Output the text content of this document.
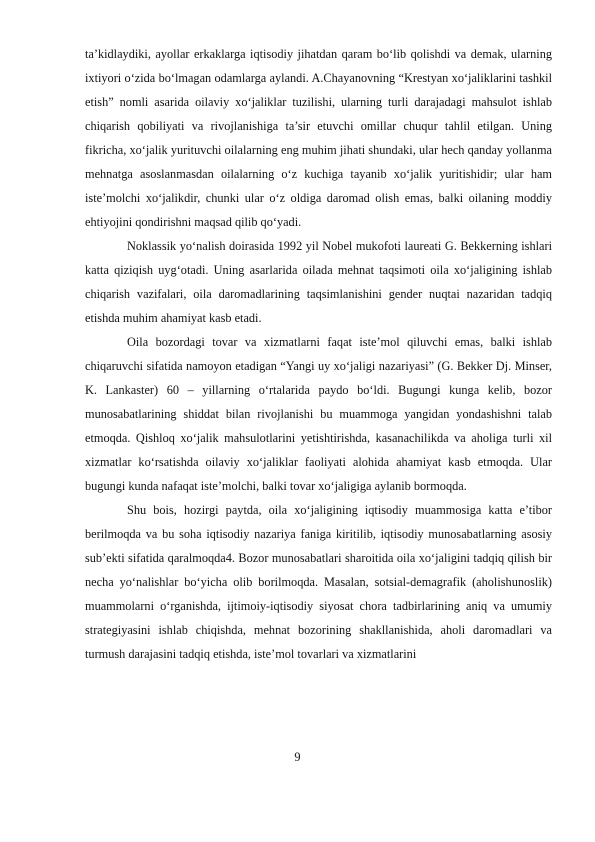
ta’kidlaydiki, ayollar erkaklarga iqtisodiy jihatdan qaram bo‘lib qolishdi va demak, ularning ixtiyori o‘zida bo‘lmagan odamlarga aylandi. A.Chayanovning “Krestyan xo‘jaliklarini tashkil etish” nomli asarida oilaviy xo‘jaliklar tuzilishi, ularning turli darajadagi mahsulot ishlab chiqarish qobiliyati va rivojlanishiga ta’sir etuvchi omillar chuqur tahlil etilgan. Uning fikricha, xo‘jalik yurituvchi oilalarning eng muhim jihati shundaki, ular hech qanday yollanma mehnatga asoslanmasdan oilalarning o‘z kuchiga tayanib xo‘jalik yuritishidir; ular ham iste’molchi xo‘jalikdir, chunki ular o‘z oldiga daromad olish emas, balki oilaning moddiy ehtiyojini qondirishni maqsad qilib qo‘yadi.

Noklassik yo‘nalish doirasida 1992 yil Nobel mukofoti laureati G. Bekkerning ishlari katta qiziqish uyg‘otadi. Uning asarlarida oilada mehnat taqsimoti oila xo‘jaligining ishlab chiqarish vazifalari, oila daromadlarining taqsimlanishini gender nuqtai nazaridan tadqiq etishda muhim ahamiyat kasb etadi.

Oila bozordagi tovar va xizmatlarni faqat iste’mol qiluvchi emas, balki ishlab chiqaruvchi sifatida namoyon etadigan “Yangi uy xo‘jaligi nazariyasi” (G. Bekker Dj. Minser, K. Lankaster) 60 – yillarning o‘rtalarida paydo bo‘ldi. Bugungi kunga kelib, bozor munosabatlarining shiddat bilan rivojlanishi bu muammoga yangidan yondashishni talab etmoqda. Qishloq xo‘jalik mahsulotlarini yetishtirishda, kasanachilikda va aholiga turli xil xizmatlar ko‘rsatishda oilaviy xo‘jaliklar faoliyati alohida ahamiyat kasb etmoqda. Ular bugungi kunda nafaqat iste’molchi, balki tovar xo‘jaligiga aylanib bormoqda.

Shu bois, hozirgi paytda, oila xo‘jaligining iqtisodiy muammosiga katta e’tibor berilmoqda va bu soha iqtisodiy nazariya faniga kiritilib, iqtisodiy munosabatlarning asosiy sub’ekti sifatida qaralmoqda4. Bozor munosabatlari sharoitida oila xo‘jaligini tadqiq qilish bir necha yo‘nalishlar bo‘yicha olib borilmoqda. Masalan, sotsial-demagrafik (aholishunoslik) muammolarni o‘rganishda, ijtimoiy-iqtisodiy siyosat chora tadbirlarining aniq va umumiy strategiyasini ishlab chiqishda, mehnat bozorining shakllanishida, aholi daromadlari va turmush darajasini tadqiq etishda, iste’mol tovarlari va xizmatlarini

9
